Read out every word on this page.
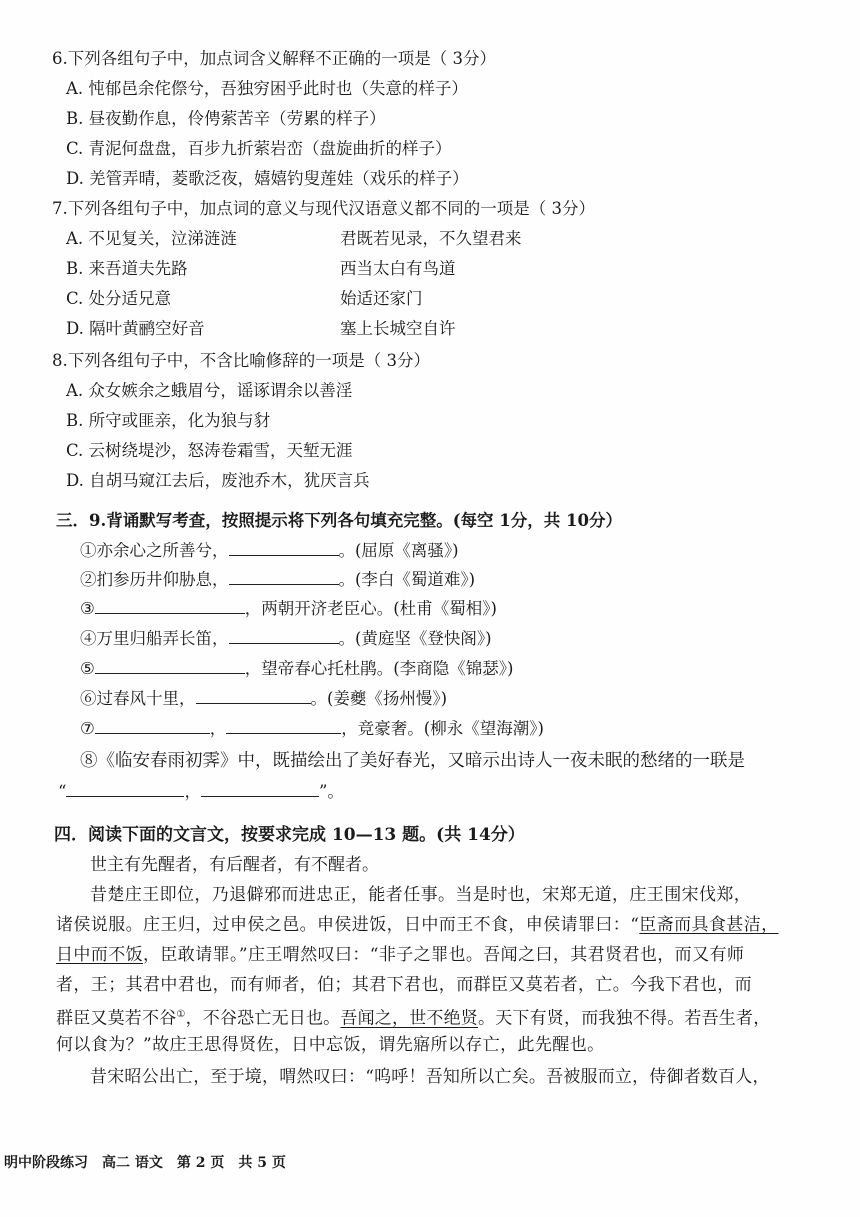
6.下列各组句子中，加点词含义解释不正确的一项是（ 3分）
A. 忳郁邑余侘傺兮，吾独穷困乎此时也（失意的样子）
B. 昼夜勤作息，伶俜萦苦辛（劳累的样子）
C. 青泥何盘盘，百步九折萦岩峦（盘旋曲折的样子）
D. 羌管弄晴，菱歌泛夜，嬉嬉钓叟莲娃（戏乐的样子）
7.下列各组句子中，加点词的意义与现代汉语意义都不同的一项是（ 3分）
A. 不见复关，泣涕涟涟	君既若见录，不久望君来
B. 来吾道夫先路	西当太白有鸟道
C. 处分适兄意	始适还家门
D. 隔叶黄鹂空好音	塞上长城空自许
8.下列各组句子中，不含比喻修辞的一项是（ 3分）
A. 众女嫉余之蛾眉兮，谣诼谓余以善淫
B. 所守或匪亲，化为狼与豺
C. 云树绕堤沙，怒涛卷霜雪，天堑无涯
D. 自胡马窥江去后，废池乔木，犹厌言兵
三．9.背诵默写考查，按照提示将下列各句填充完整。(每空 1分，共 10分）
①亦余心之所善兮，	。(屈原《离骚》)
②扪参历井仰胁息，	。(李白《蜀道难》)
③	，两朝开济老臣心。(杜甫《蜀相》)
④万里归船弄长笛，	。(黄庭坚《登快阁》)
⑤	，望帝春心托杜鹃。(李商隐《锦瑟》)
⑥过春风十里，	。(姜夔《扬州慢》)
⑦	，	，竞豪奢。(柳永《望海潮》)
⑧《临安春雨初霁》中，既描绘出了美好春光，又暗示出诗人一夜未眠的愁绪的一联是
“	，	”。
四．阅读下面的文言文，按要求完成 10—13 题。(共 14分）
世主有先醒者，有后醒者，有不醒者。
昔楚庄王即位，乃退僻邪而进忠正，能者任事。当是时也，宋郑无道，庄王围宋伐郑，
诸侯说服。庄王归，过申侯之邑。申侯进饭，日中而王不食，申侯请罪曰：“臣斋而具食甚洁，
日中而不饭，臣敢请罪。”庄王喟然叹曰：“非子之罪也。吾闻之曰，其君贤君也，而又有师
者，王；其君中君也，而有师者，伯；其君下君也，而群臣又莫若者，亡。今我下君也，而
群臣又莫若不谷①，不谷恐亡无日也。吾闻之，世不绝贤。天下有贤，而我独不得。若吾生者，
何以食为？”故庄王思得贤佐，日中忘饭，谓先寤所以存亡，此先醒也。
昔宋昭公出亡，至于境，喟然叹曰：“呜呼！吾知所以亡矣。吾被服而立，侍御者数百人，
明中阶段练习　高二 语文　第 2 页　共 5 页
